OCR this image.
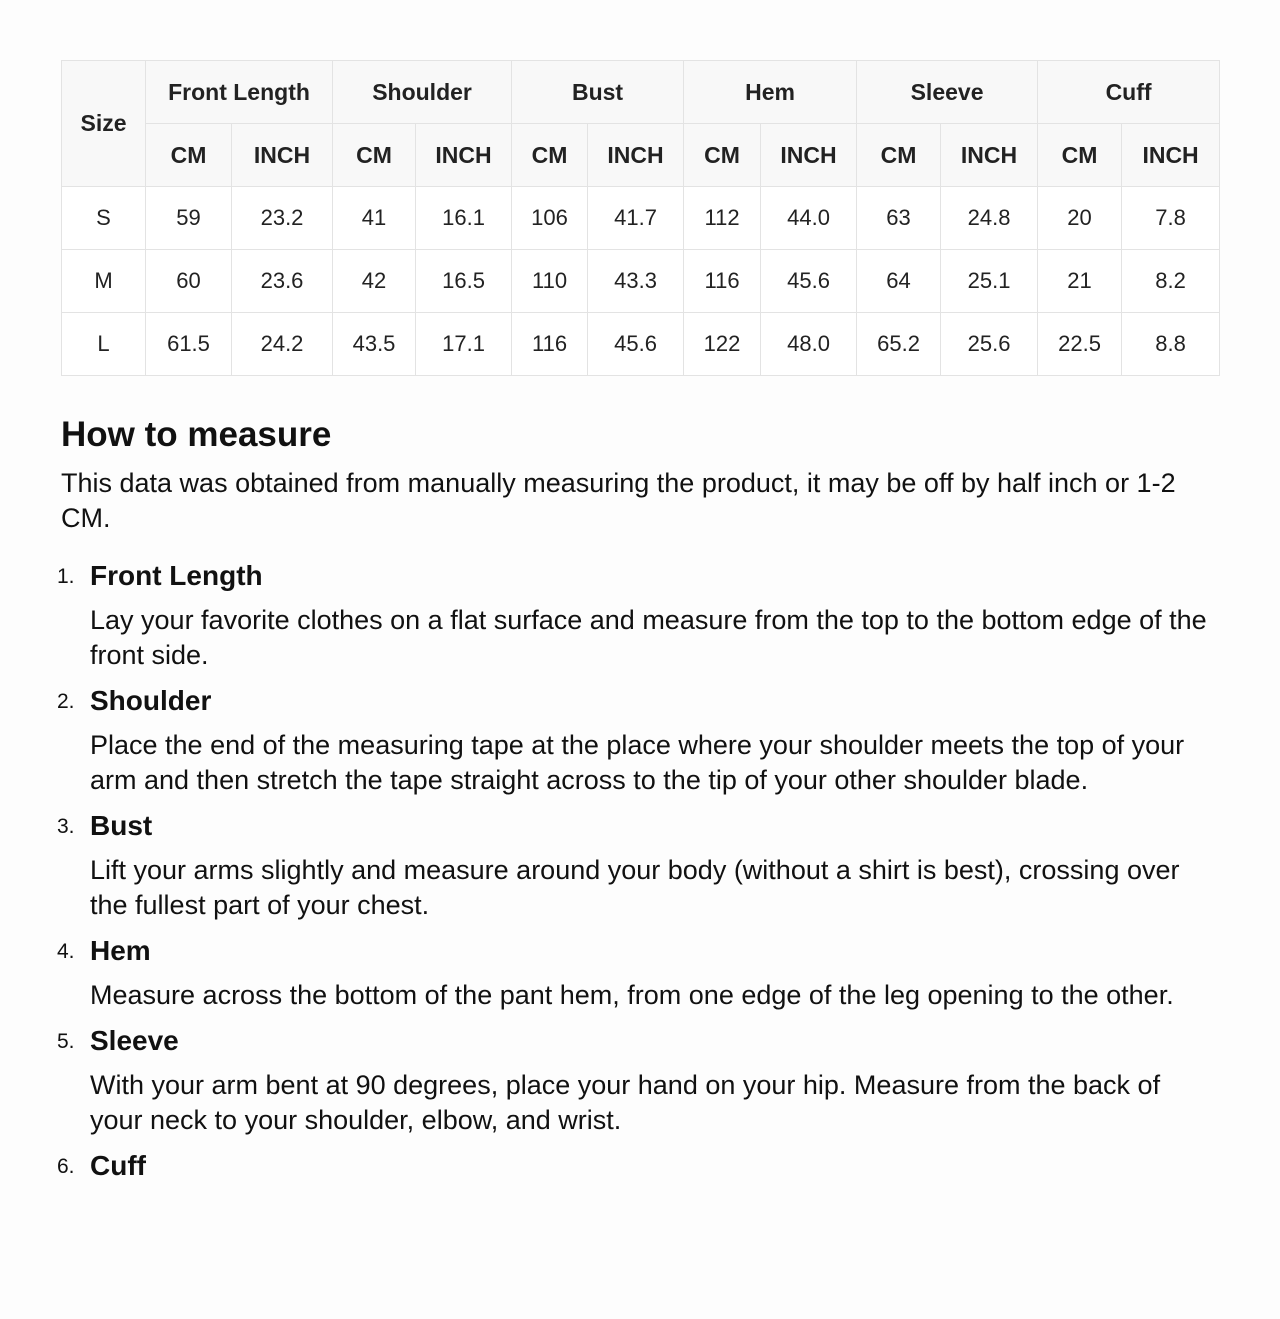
Size	Front Length		Shoulder		Bust		Hem		Sleeve		Cuff	
	CM	INCH	CM	INCH	CM	INCH	CM	INCH	CM	INCH	CM	INCH
S	59	23.2	41	16.1	106	41.7	112	44.0	63	24.8	20	7.8
M	60	23.6	42	16.5	110	43.3	116	45.6	64	25.1	21	8.2
L	61.5	24.2	43.5	17.1	116	45.6	122	48.0	65.2	25.6	22.5	8.8
How to measure

This data was obtained from manually measuring the product, it may be off by half inch or 1-2 CM.

1. Front Length
Lay your favorite clothes on a flat surface and measure from the top to the bottom edge of the front side.
2. Shoulder
Place the end of the measuring tape at the place where your shoulder meets the top of your arm and then stretch the tape straight across to the tip of your other shoulder blade.
3. Bust
Lift your arms slightly and measure around your body (without a shirt is best), crossing over the fullest part of your chest.
4. Hem
Measure across the bottom of the pant hem, from one edge of the leg opening to the other.
5. Sleeve
With your arm bent at 90 degrees, place your hand on your hip. Measure from the back of your neck to your shoulder, elbow, and wrist.
6. Cuff
